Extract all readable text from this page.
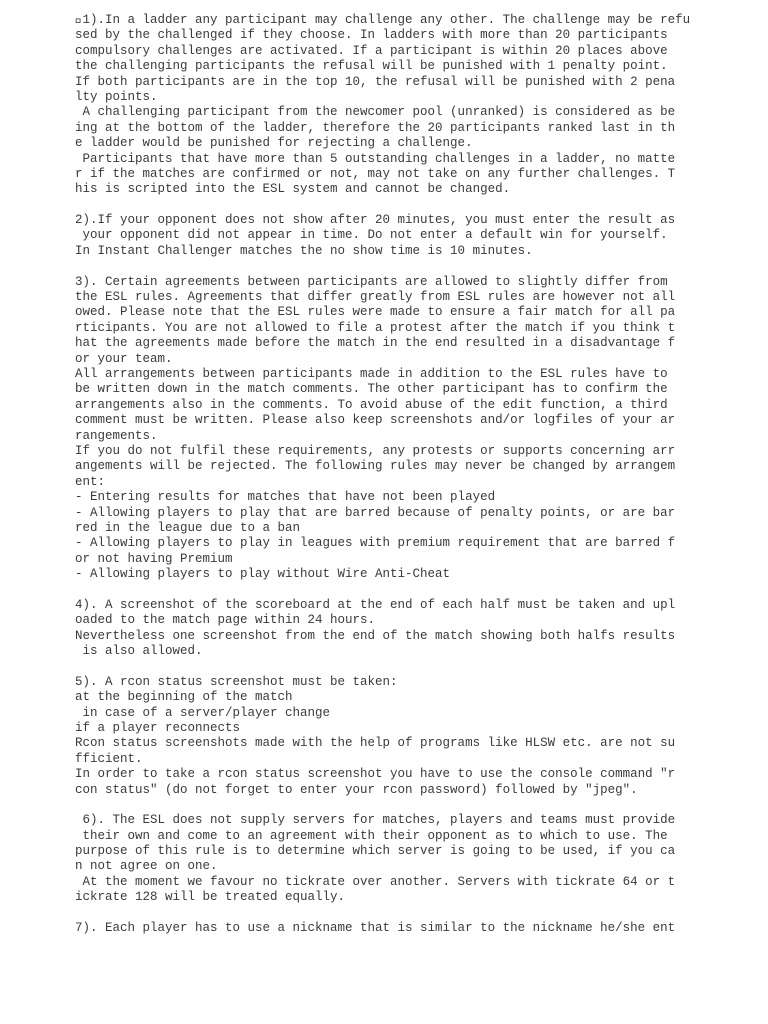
1).In a ladder any participant may challenge any other. The challenge may be refu
sed by the challenged if they choose. In ladders with more than 20 participants
compulsory challenges are activated. If a participant is within 20 places above
the challenging participants the refusal will be punished with 1 penalty point.
If both participants are in the top 10, the refusal will be punished with 2 pena
lty points.
A challenging participant from the newcomer pool (unranked) is considered as be
ing at the bottom of the ladder, therefore the 20 participants ranked last in th
e ladder would be punished for rejecting a challenge.
Participants that have more than 5 outstanding challenges in a ladder, no matte
r if the matches are confirmed or not, may not take on any further challenges. T
his is scripted into the ESL system and cannot be changed.
2).If your opponent does not show after 20 minutes, you must enter the result as
your opponent did not appear in time. Do not enter a default win for yourself.
In Instant Challenger matches the no show time is 10 minutes.
3). Certain agreements between participants are allowed to slightly differ from
the ESL rules. Agreements that differ greatly from ESL rules are however not all
owed. Please note that the ESL rules were made to ensure a fair match for all pa
rticipants. You are not allowed to file a protest after the match if you think t
hat the agreements made before the match in the end resulted in a disadvantage f
or your team.
All arrangements between participants made in addition to the ESL rules have to
be written down in the match comments. The other participant has to confirm the
arrangements also in the comments. To avoid abuse of the edit function, a third
comment must be written. Please also keep screenshots and/or logfiles of your ar
rangements.
If you do not fulfil these requirements, any protests or supports concerning arr
angements will be rejected. The following rules may never be changed by arrangem
ent:
- Entering results for matches that have not been played
- Allowing players to play that are barred because of penalty points, or are bar
red in the league due to a ban
- Allowing players to play in leagues with premium requirement that are barred f
or not having Premium
- Allowing players to play without Wire Anti-Cheat
4). A screenshot of the scoreboard at the end of each half must be taken and upl
oaded to the match page within 24 hours.
Nevertheless one screenshot from the end of the match showing both halfs results
is also allowed.
5). A rcon status screenshot must be taken:
at the beginning of the match
in case of a server/player change
if a player reconnects
Rcon status screenshots made with the help of programs like HLSW etc. are not su
fficient.
In order to take a rcon status screenshot you have to use the console command "r
con status" (do not forget to enter your rcon password) followed by "jpeg".
6). The ESL does not supply servers for matches, players and teams must provide
their own and come to an agreement with their opponent as to which to use. The
purpose of this rule is to determine which server is going to be used, if you ca
n not agree on one.
At the moment we favour no tickrate over another. Servers with tickrate 64 or t
ickrate 128 will be treated equally.
7). Each player has to use a nickname that is similar to the nickname he/she ent
